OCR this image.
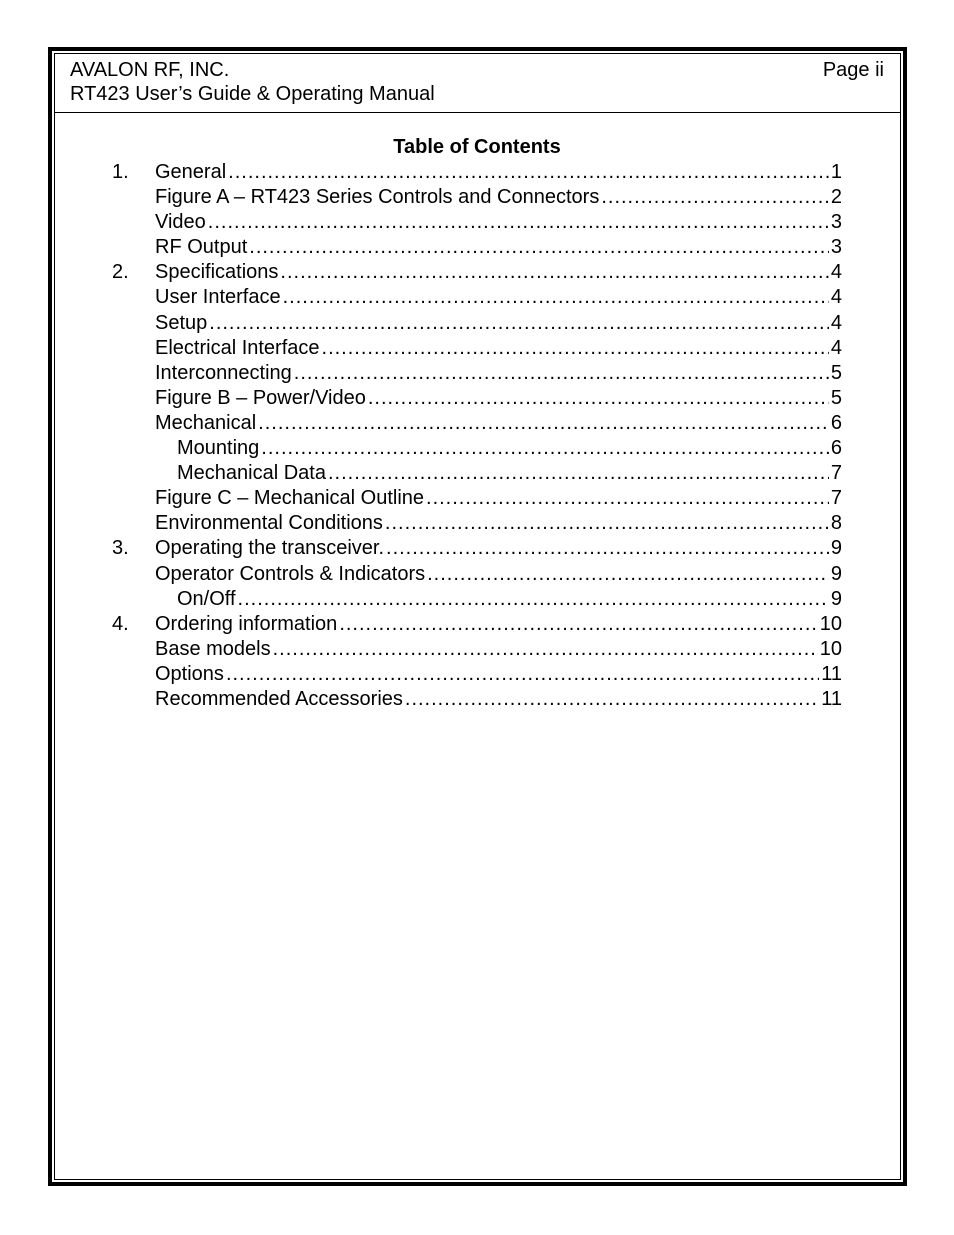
AVALON RF, INC.
RT423 User’s Guide & Operating Manual
Page ii
Table of Contents
1.	General .....	1
Figure A – RT423 Series Controls and Connectors .....	2
Video .....	3
RF Output .....	3
2.	Specifications .....	4
User Interface .....	4
Setup .....	4
Electrical Interface .....	4
Interconnecting .....	5
Figure B – Power/Video .....	5
Mechanical .....	6
Mounting .....	6
Mechanical Data .....	7
Figure C – Mechanical Outline .....	7
Environmental Conditions .....	8
3.	Operating the transceiver. .....	9
Operator Controls & Indicators .....	9
On/Off .....	9
4.	Ordering information .....	10
Base models .....	10
Options .....	11
Recommended Accessories .....	11
